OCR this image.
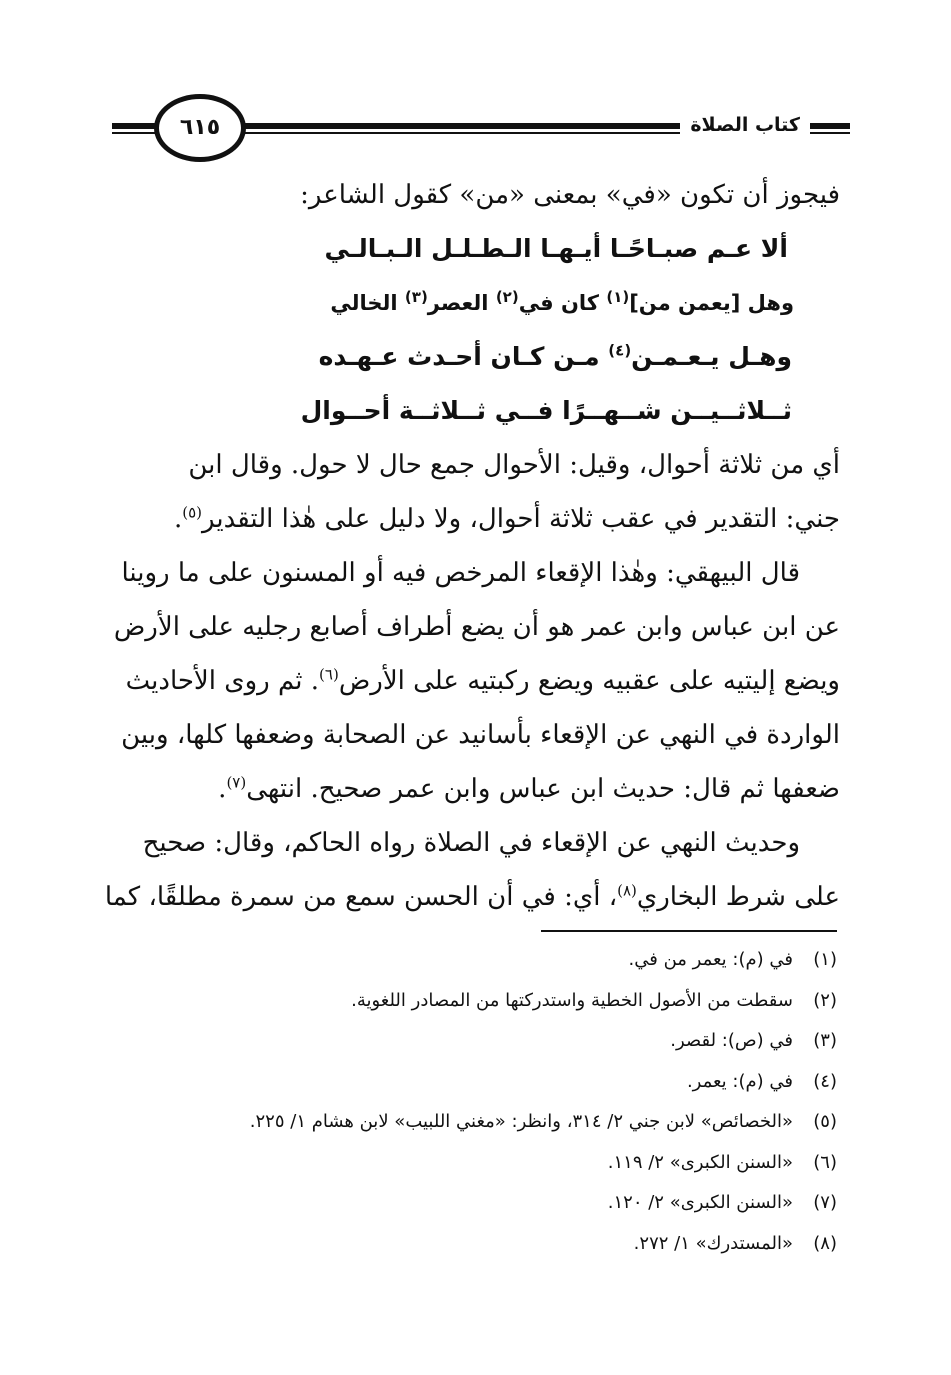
كتاب الصلاة
٦١٥
فيجوز أن تكون «في» بمعنى «من» كقول الشاعر:
ألا عـم صبـاحًـا أيـهـا الـطـلـل الـبـالـي
وهل [يعمن من]$^{(١)}$ كان في$^{(٢)}$ العصر$^{(٣)}$ الخالي
وهـل يـعـمـن$^{(٤)}$ مـن كـان أحـدث عـهـده
ثــلاثــيــن شــهــرًا فــي ثــلاثــة أحــوال
أي من ثلاثة أحوال، وقيل: الأحوال جمع حال لا حول. وقال ابن
جني: التقدير في عقب ثلاثة أحوال، ولا دليل على هٰذا التقدير$^{(٥)}$.
قال البيهقي: وهٰذا الإقعاء المرخص فيه أو المسنون على ما روينا
عن ابن عباس وابن عمر هو أن يضع أطراف أصابع رجليه على الأرض
ويضع إليتيه على عقبيه ويضع ركبتيه على الأرض$^{(٦)}$. ثم روى الأحاديث
الواردة في النهي عن الإقعاء بأسانيد عن الصحابة وضعفها كلها، وبين
ضعفها ثم قال: حديث ابن عباس وابن عمر صحيح. انتهى$^{(٧)}$.
وحديث النهي عن الإقعاء في الصلاة رواه الحاكم، وقال: صحيح
على شرط البخاري$^{(٨)}$، أي: في أن الحسن سمع من سمرة مطلقًا، كما
(١)في (م): يعمر من في.
(٢)سقطت من الأصول الخطية واستدركتها من المصادر اللغوية.
(٣)في (ص): لقصر.
(٤)في (م): يعمر.
(٥)«الخصائص» لابن جني ٢/ ٣١٤، وانظر: «مغني اللبيب» لابن هشام ١/ ٢٢٥.
(٦)«السنن الكبرى» ٢/ ١١٩.
(٧)«السنن الكبرى» ٢/ ١٢٠.
(٨)«المستدرك» ١/ ٢٧٢.
